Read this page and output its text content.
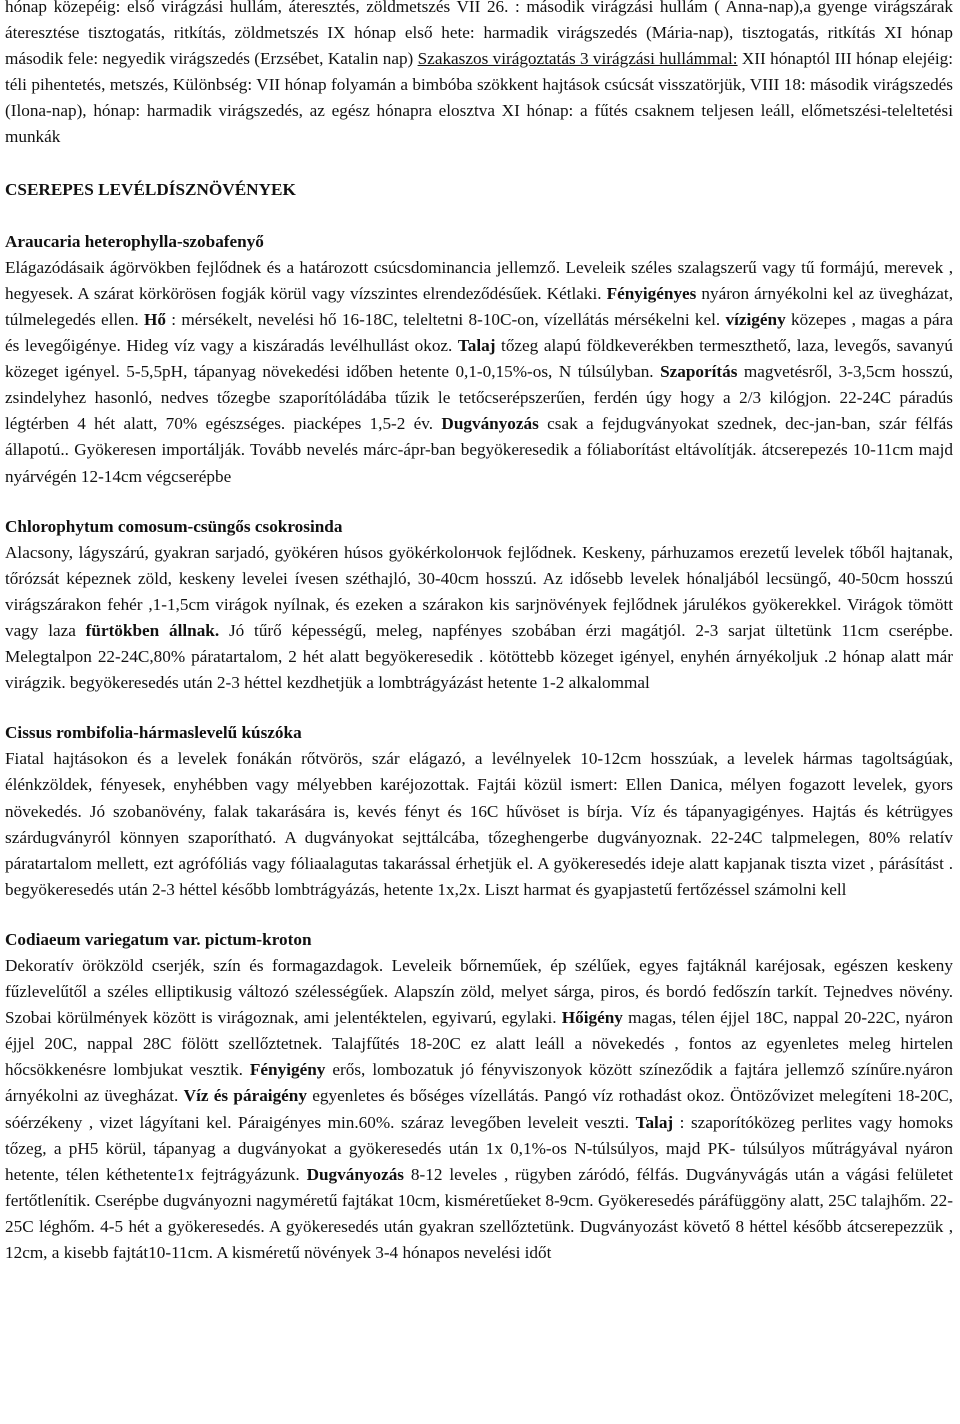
hónap közepéig: első virágzási hullám, áteresztés, zöldmetszés VII 26. : második virágzási hullám ( Anna-nap),a gyenge virágszárak áteresztése tisztogatás, ritkítás, zöldmetszés IX hónap első hete: harmadik virágszedés (Mária-nap), tisztogatás, ritkítás XI hónap második fele: negyedik virágszedés (Erzsébet, Katalin nap) Szakaszos virágoztatás 3 virágzási hullámmal: XII hónaptól III hónap elejéig: téli pihentetés, metszés, Különbség: VII hónap folyamán a bimbóba szökkent hajtások csúcsát visszatörjük, VIII 18: második virágszedés (Ilona-nap), hónap: harmadik virágszedés, az egész hónapra elosztva XI hónap: a fűtés csaknem teljesen leáll, előmetszési-teleltetési munkák

CSEREPES LEVÉLDÍSZNÖVÉNYEK

Araucaria heterophylla-szobafenyő

Elágazódásaik ágörvökben fejlődnek és a határozott csúcsdominancia jellemző. Leveleik széles szalagszerű vagy tű formájú, merevek , hegyesek. A szárat körkörösen fogják körül vagy vízszintes elrendeződésűek. Kétlaki. Fényigényes nyáron árnyékolni kel az üvegházat, túlmelegedés ellen. Hő : mérsékelt, nevelési hő 16-18C, teleltetni 8-10C-on, vízellátás mérsékelni kel. vízigény közepes , magas a pára és levegőigénye. Hideg víz vagy a kiszáradás levélhullást okoz. Talaj tőzeg alapú földkeverékben termeszthető, laza, levegős, savanyú közeget igényel. 5-5,5pH, tápanyag növekedési időben hetente 0,1-0,15%-os, N túlsúlyban. Szaporítás magvetésről, 3-3,5cm hosszú, zsindelyhez hasonló, nedves tőzegbe szaporítóládába tűzik le tetőcserépszerűen, ferdén úgy hogy a 2/3 kilógjon. 22-24C páradús légtérben 4 hét alatt, 70% egészséges. piacképes 1,5-2 év. Dugványozás csak a fejdugványokat szednek, dec-jan-ban, szár félfás állapotú.. Gyökeresen importálják. Tovább nevelés márc-ápr-ban begyökeresedik a fóliaborítást eltávolítják. átcserepezés 10-11cm majd nyárvégén 12-14cm végcserépbe

Chlorophytum comosum-csüngős csokrosinda

Alacsony, lágyszárú, gyakran sarjadó, gyökéren húsos gyökérkolончok fejlődnek. Keskeny, párhuzamos erezetű levelek tőből hajtanak, tőrózsát képeznek zöld, keskeny levelei ívesen széthajló, 30-40cm hosszú. Az idősebb levelek hónaljából lecsüngő, 40-50cm hosszú virágszárakon fehér ,1-1,5cm virágok nyílnak, és ezeken a szárakon kis sarjnövények fejlődnek járulékos gyökerekkel. Virágok tömött vagy laza fürtökben állnak. Jó tűrő képességű, meleg, napfényes szobában érzi magátjól. 2-3 sarjat ültetünk 11cm cserépbe. Melegtalpon 22-24C,80% páratartalom, 2 hét alatt begyökeresedik . kötöttebb közeget igényel, enyhén árnyékoljuk .2 hónap alatt már virágzik. begyökeresedés után 2-3 héttel kezdhetjük a lombtrágyázást hetente 1-2 alkalommal

Cissus rombifolia-hármaslevelű kúszóka

Fiatal hajtásokon és a levelek fonákán rőtvörös, szár elágazó, a levélnyelek 10-12cm hosszúak, a levelek hármas tagoltságúak, élénkzöldek, fényesek, enyhébben vagy mélyebben karéjozottak. Fajtái közül ismert: Ellen Danica, mélyen fogazott levelek, gyors növekedés. Jó szobanövény, falak takarására is, kevés fényt és 16C hűvöset is bírja. Víz és tápanyagigényes. Hajtás és kétrügyes szárdugványról könnyen szaporítható. A dugványokat sejttálcába, tőzeghengerbe dugványoznak. 22-24C talpmelegen, 80% relatív páratartalom mellett, ezt agrófóliás vagy fóliaalagutas takarással érhetjük el. A gyökeresedés ideje alatt kapjanak tiszta vizet , párásítást . begyökeresedés után 2-3 héttel később lombtrágyázás, hetente 1x,2x. Liszt harmat és gyapjastetű fertőzéssel számolni kell

Codiaeum variegatum var. pictum-kroton

Dekoratív örökzöld cserjék, szín és formagazdagok. Leveleik bőrneműek, ép szélűek, egyes fajtáknál karéjosak, egészen keskeny fűzlevelűtől a széles elliptikusig változó szélességűek. Alapszín zöld, melyet sárga, piros, és bordó fedőszín tarkít. Tejnedves növény. Szobai körülmények között is virágoznak, ami jelentéktelen, egyivarú, egylaki. Hőigény magas, télen éjjel 18C, nappal 20-22C, nyáron éjjel 20C, nappal 28C fölött szellőztetnek. Talajfűtés 18-20C ez alatt leáll a növekedés , fontos az egyenletes meleg hirtelen hőcsökkenésre lombjukat vesztik. Fényigény erős, lombozatuk jó fényviszonyok között színeződik a fajtára jellemző színűre.nyáron árnyékolni az üvegházat. Víz és páraigény egyenletes és bőséges vízellátás. Pangó víz rothadást okoz. Öntözővizet melegíteni 18-20C, sóérzékeny , vizet lágyítani kel. Páraigényes min.60%. száraz levegőben leveleit veszti. Talaj : szaporítóközeg perlites vagy homoks tőzeg, a pH5 körül, tápanyag a dugványokat a gyökeresedés után 1x 0,1%-os N-túlsúlyos, majd PK- túlsúlyos műtrágyával nyáron hetente, télen kéthetente1x fejtrágyázunk. Dugványozás 8-12 leveles , rügyben záródó, félfás. Dugványvágás után a vágási felületet fertőtlenítik. Cserépbe dugványozni nagyméretű fajtákat 10cm, kisméretűeket 8-9cm. Gyökeresedés páráfüggöny alatt, 25C talajhőm. 22-25C léghőm. 4-5 hét a gyökeresedés. A gyökeresedés után gyakran szellőztetünk. Dugványozást követő 8 héttel később átcserepezzük , 12cm, a kisebb fajtát10-11cm. A kisméretű növények 3-4 hónapos nevelési időt
